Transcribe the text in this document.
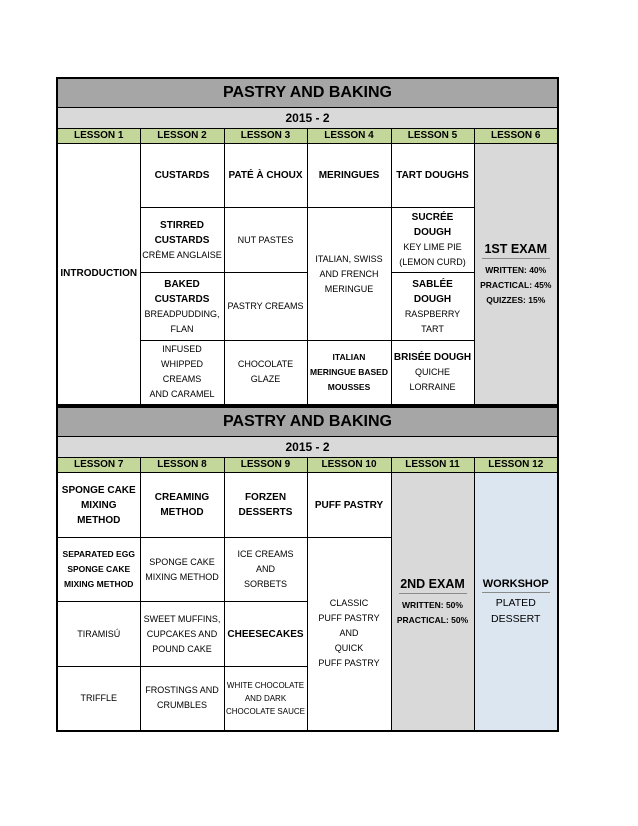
PASTRY AND BAKING					
2015 - 2					
LESSON 1	LESSON 2	LESSON 3	LESSON 4	LESSON 5	LESSON 6
INTRODUCTION	CUSTARDS	PATÉ À CHOUX	MERINGUES	TART DOUGHS	1ST EXAM
WRITTEN: 40%
PRACTICAL: 45%
QUIZZES: 15%

	STIRRED
CUSTARDS
CRÈME ANGLAISE	NUT PASTES	ITALIAN, SWISS
AND FRENCH
MERINGUE	SUCRÉE DOUGH
KEY LIME PIE
(LEMON CURD)	

	BAKED
CUSTARDS
BREADPUDDING,
FLAN	PASTRY CREAMS		SABLÉE DOUGH
RASPBERRY TART	

	INFUSED
WHIPPED CREAMS
AND CARAMEL	CHOCOLATE
GLAZE	ITALIAN
MERINGUE BASED
MOUSSES	BRISÉE DOUGH
QUICHE LORRAINE	
PASTRY AND BAKING					
2015 - 2					
LESSON 7	LESSON 8	LESSON 9	LESSON 10	LESSON 11	LESSON 12

SPONGE CAKE
MIXING
METHOD	CREAMING
METHOD	FORZEN
DESSERTS	PUFF PASTRY	2ND EXAM
WRITTEN: 50%
PRACTICAL: 50%	WORKSHOP
PLATED
DESSERT

SEPARATED EGG
SPONGE CAKE
MIXING METHOD	SPONGE CAKE
MIXING METHOD	ICE CREAMS
AND
SORBETS	CLASSIC
PUFF PASTRY
AND
QUICK
PUFF PASTRY		

TIRAMISÚ	SWEET MUFFINS,
CUPCAKES AND
POUND CAKE	CHEESECAKES			
TRIFFLE	FROSTINGS AND
CRUMBLES	WHITE CHOCOLATE
AND DARK
CHOCOLATE SAUCE			
